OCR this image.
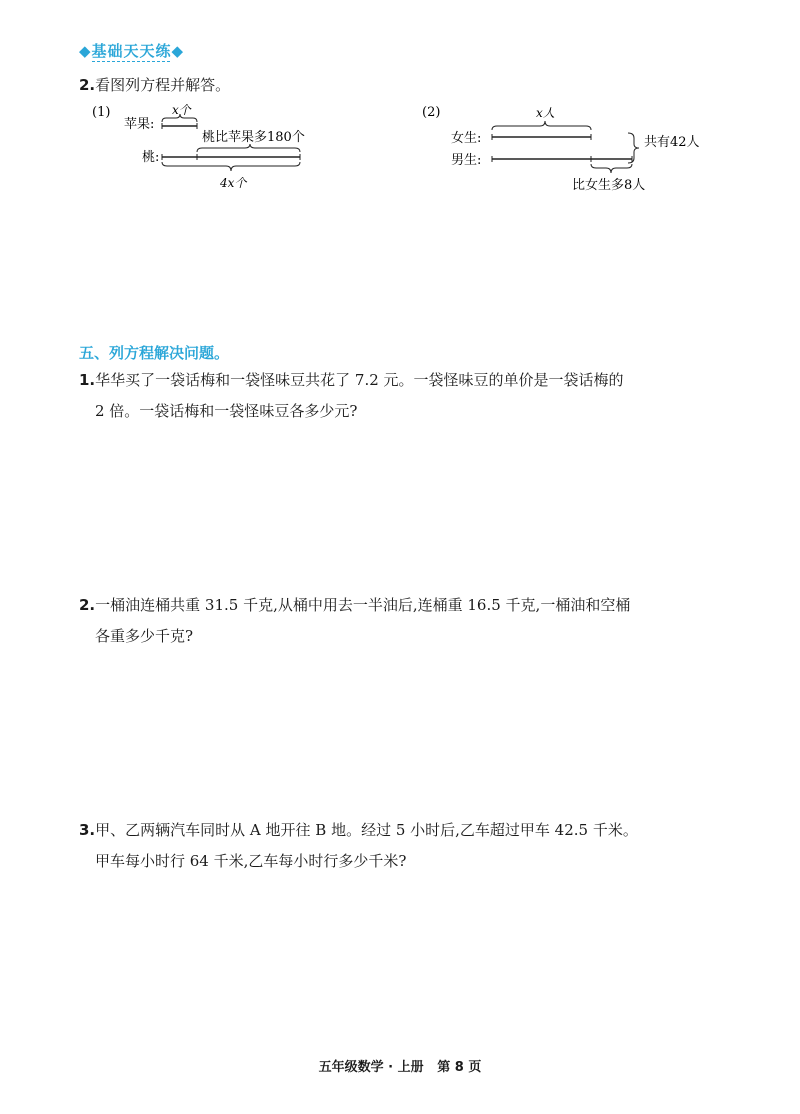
◆基础天天练◆
2.看图列方程并解答。
(1)
苹果:
x个
桃比苹果多180个
桃:
4x个
(2)	x人
女生:
男生:
共有42人
比女生多8人
五、列方程解决问题。
1.华华买了一袋话梅和一袋怪味豆共花了 7.2 元。一袋怪味豆的单价是一袋话梅的
2 倍。一袋话梅和一袋怪味豆各多少元?
2.一桶油连桶共重 31.5 千克,从桶中用去一半油后,连桶重 16.5 千克,一桶油和空桶
各重多少千克?
3.甲、乙两辆汽车同时从 A 地开往 B 地。经过 5 小时后,乙车超过甲车 42.5 千米。
甲车每小时行 64 千米,乙车每小时行多少千米?
五年级数学 · 上册   第 8 页
